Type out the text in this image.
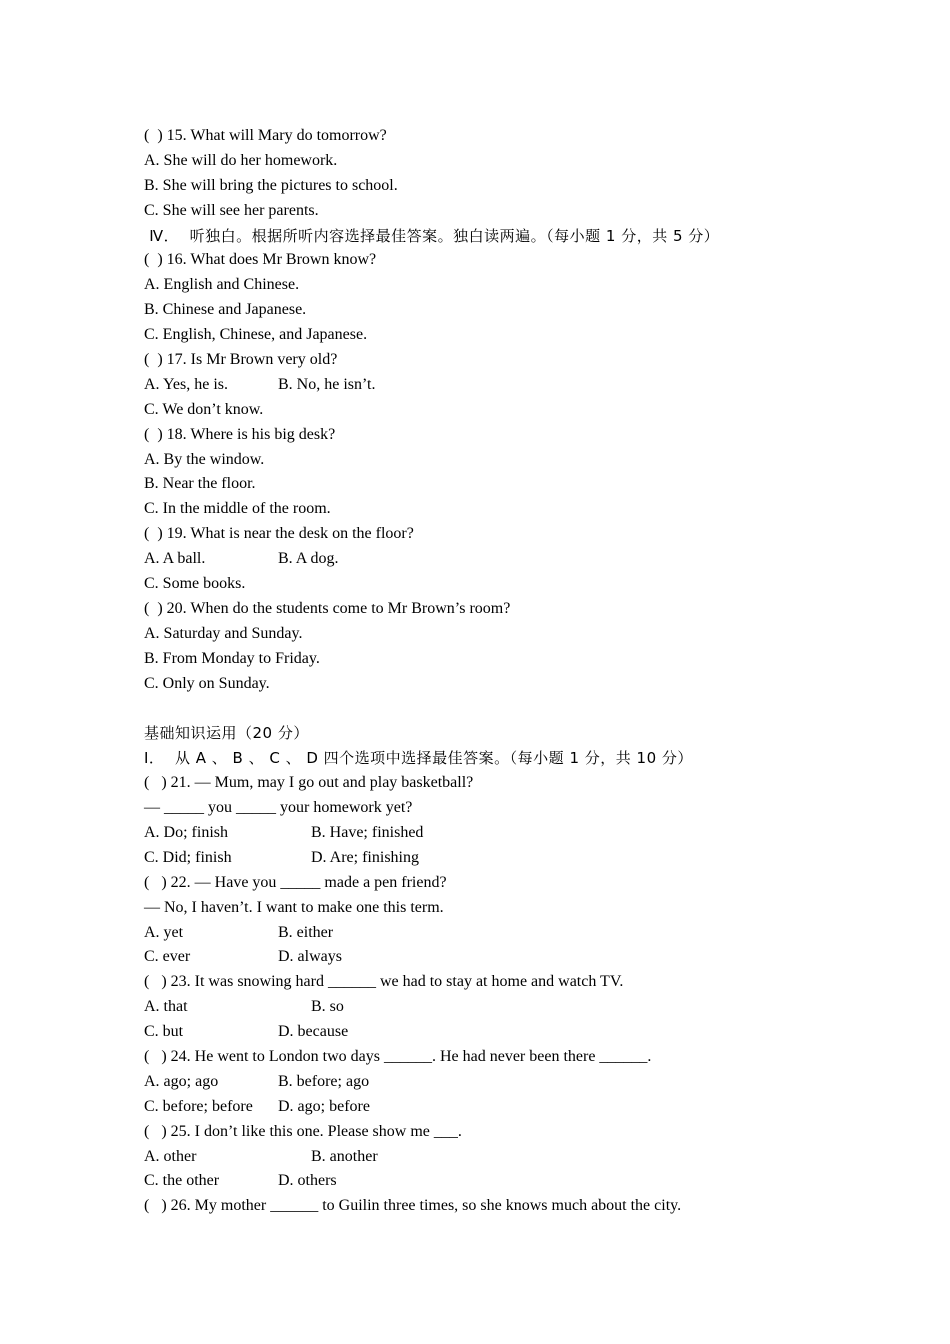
(  ) 15. What will Mary do tomorrow?
A. She will do her homework.
B. She will bring the pictures to school.
C. She will see her parents.
Ⅳ．  听独白。根据所听内容选择最佳答案。独白读两遍。（每小题 1 分，共 5 分）
(  ) 16. What does Mr Brown know?
A. English and Chinese.
B. Chinese and Japanese.
C. English, Chinese, and Japanese.
(  ) 17. Is Mr Brown very old?
A. Yes, he is.	B. No, he isn’t.
C. We don’t know.
(  ) 18. Where is his big desk?
A. By the window.
B. Near the floor.
C. In the middle of the room.
(  ) 19. What is near the desk on the floor?
A. A ball.	B. A dog.
C. Some books.
(  ) 20. When do the students come to Mr Brown’s room?
A. Saturday and Sunday.
B. From Monday to Friday.
C. Only on Sunday.
基础知识运用（20 分）
Ⅰ．  从 A 、 B 、 C 、 D 四个选项中选择最佳答案。（每小题 1 分，共 10 分）
(   ) 21. — Mum, may I go out and play basketball?
— _____ you _____ your homework yet?
A. Do; finish	B. Have; finished
C. Did; finish	D. Are; finishing
(   ) 22. — Have you _____ made a pen friend?
— No, I haven’t. I want to make one this term.
A. yet	B. either
C. ever	D. always
(   ) 23. It was snowing hard ______ we had to stay at home and watch TV.
A. that	B. so
C. but	D. because
(   ) 24. He went to London two days ______. He had never been there ______.
A. ago; ago	B. before; ago
C. before; before D. ago; before
(   ) 25. I don’t like this one. Please show me ___.
A. other	B. another
C. the other	D. others
(   ) 26. My mother ______ to Guilin three times, so she knows much about the city.
